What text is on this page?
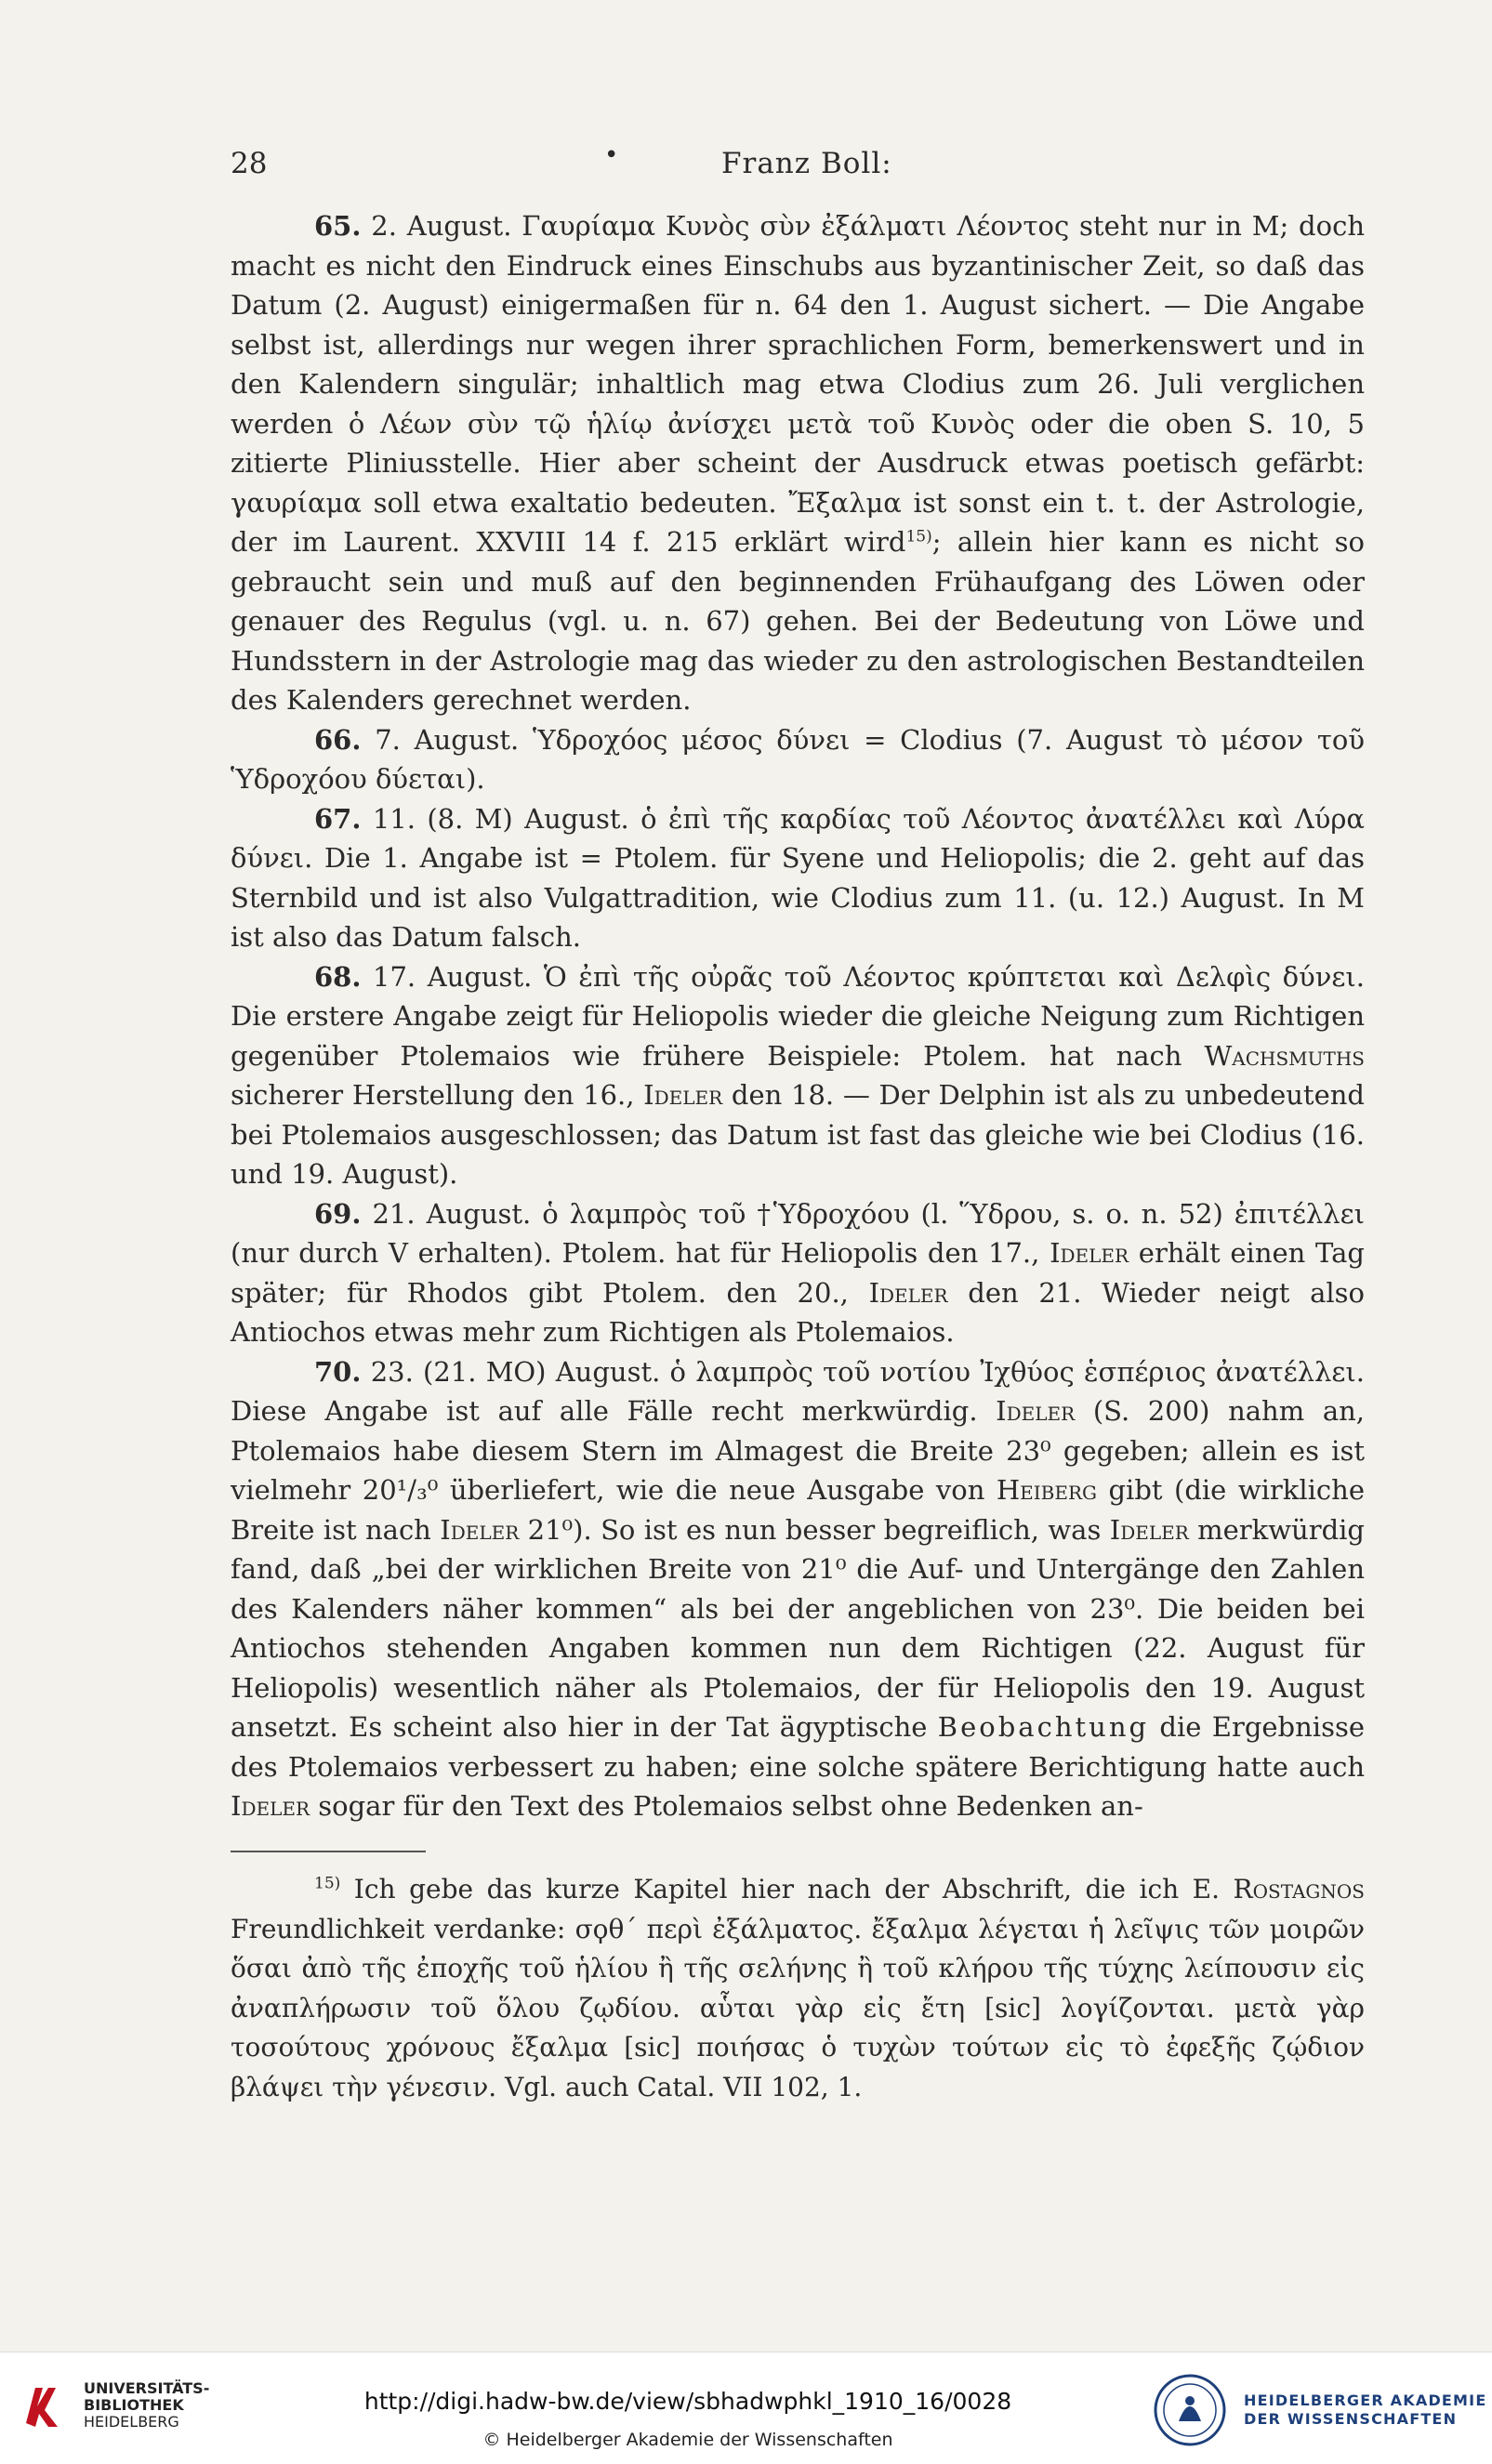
28	•	Franz Boll:

65. 2. August. Γαυρίαμα Κυνὸς σὺν ἐξάλματι Λέοντος steht nur in M; doch macht es nicht den Eindruck eines Einschubs aus byzantinischer Zeit, so daß das Datum (2. August) einigermaßen für n. 64 den 1. August sichert. — Die Angabe selbst ist, allerdings nur wegen ihrer sprachlichen Form, bemerkenswert und in den Kalendern singulär; inhaltlich mag etwa Clodius zum 26. Juli verglichen werden ὁ Λέων σὺν τῷ ἡλίῳ ἀνίσχει μετὰ τοῦ Κυνὸς oder die oben S. 10, 5 zitierte Pliniusstelle. Hier aber scheint der Ausdruck etwas poetisch gefärbt: γαυρίαμα soll etwa exaltatio bedeuten. Ἔξαλμα ist sonst ein t. t. der Astrologie, der im Laurent. XXVIII 14 f. 215 erklärt wird$^{15)}$; allein hier kann es nicht so gebraucht sein und muß auf den beginnenden Frühaufgang des Löwen oder genauer des Regulus (vgl. u. n. 67) gehen. Bei der Bedeutung von Löwe und Hundsstern in der Astrologie mag das wieder zu den astrologischen Bestandteilen des Kalenders gerechnet werden.

66. 7. August. Ὑδροχόος μέσος δύνει = Clodius (7. August τὸ μέσον τοῦ Ὑδροχόου δύεται).

67. 11. (8. M) August. ὁ ἐπὶ τῆς καρδίας τοῦ Λέοντος ἀνατέλλει καὶ Λύρα δύνει. Die 1. Angabe ist = Ptolem. für Syene und Heliopolis; die 2. geht auf das Sternbild und ist also Vulgattradition, wie Clodius zum 11. (u. 12.) August. In M ist also das Datum falsch.

68. 17. August. Ὁ ἐπὶ τῆς οὐρᾶς τοῦ Λέοντος κρύπτεται καὶ Δελφὶς δύνει. Die erstere Angabe zeigt für Heliopolis wieder die gleiche Neigung zum Richtigen gegenüber Ptolemaios wie frühere Beispiele: Ptolem. hat nach Wachsmuths sicherer Herstellung den 16., Ideler den 18. — Der Delphin ist als zu unbedeutend bei Ptolemaios ausgeschlossen; das Datum ist fast das gleiche wie bei Clodius (16. und 19. August).

69. 21. August. ὁ λαμπρὸς τοῦ †Ὑδροχόου (l. Ὕδρου, s. o. n. 52) ἐπιτέλλει (nur durch V erhalten). Ptolem. hat für Heliopolis den 17., Ideler erhält einen Tag später; für Rhodos gibt Ptolem. den 20., Ideler den 21. Wieder neigt also Antiochos etwas mehr zum Richtigen als Ptolemaios.

70. 23. (21. MO) August. ὁ λαμπρὸς τοῦ νοτίου Ἰχθύος ἑσπέριος ἀνατέλλει. Diese Angabe ist auf alle Fälle recht merkwürdig. Ideler (S. 200) nahm an, Ptolemaios habe diesem Stern im Almagest die Breite 23⁰ gegeben; allein es ist vielmehr 20¹/₃⁰ überliefert, wie die neue Ausgabe von Heiberg gibt (die wirkliche Breite ist nach Ideler 21⁰). So ist es nun besser begreiflich, was Ideler merkwürdig fand, daß „bei der wirklichen Breite von 21⁰ die Auf- und Untergänge den Zahlen des Kalenders näher kommen“ als bei der angeblichen von 23⁰. Die beiden bei Antiochos stehenden Angaben kommen nun dem Richtigen (22. August für Heliopolis) wesentlich näher als Ptolemaios, der für Heliopolis den 19. August ansetzt. Es scheint also hier in der Tat ägyptische Beobachtung die Ergebnisse des Ptolemaios verbessert zu haben; eine solche spätere Berichtigung hatte auch Ideler sogar für den Text des Ptolemaios selbst ohne Bedenken an-

$^{15)}$ Ich gebe das kurze Kapitel hier nach der Abschrift, die ich E. Rostagnos Freundlichkeit verdanke: σϙθ΄ περὶ ἐξάλματος. ἔξαλμα λέγεται ἡ λεῖψις τῶν μοιρῶν ὅσαι ἀπὸ τῆς ἐποχῆς τοῦ ἡλίου ἢ τῆς σελήνης ἢ τοῦ κλήρου τῆς τύχης λείπουσιν εἰς ἀναπλήρωσιν τοῦ ὅλου ζῳδίου. αὗται γὰρ εἰς ἔτη [sic] λογίζονται. μετὰ γὰρ τοσούτους χρόνους ἔξαλμα [sic] ποιήσας ὁ τυχὼν τούτων εἰς τὸ ἐφεξῆς ζῴδιον βλάψει τὴν γένεσιν. Vgl. auch Catal. VII 102, 1.

UNIVERSITÄTS-
BIBLIOTHEK
HEIDELBERG
http://digi.hadw-bw.de/view/sbhadwphkl_1910_16/0028
© Heidelberger Akademie der Wissenschaften
HEIDELBERGER AKADEMIE
DER WISSENSCHAFTEN
